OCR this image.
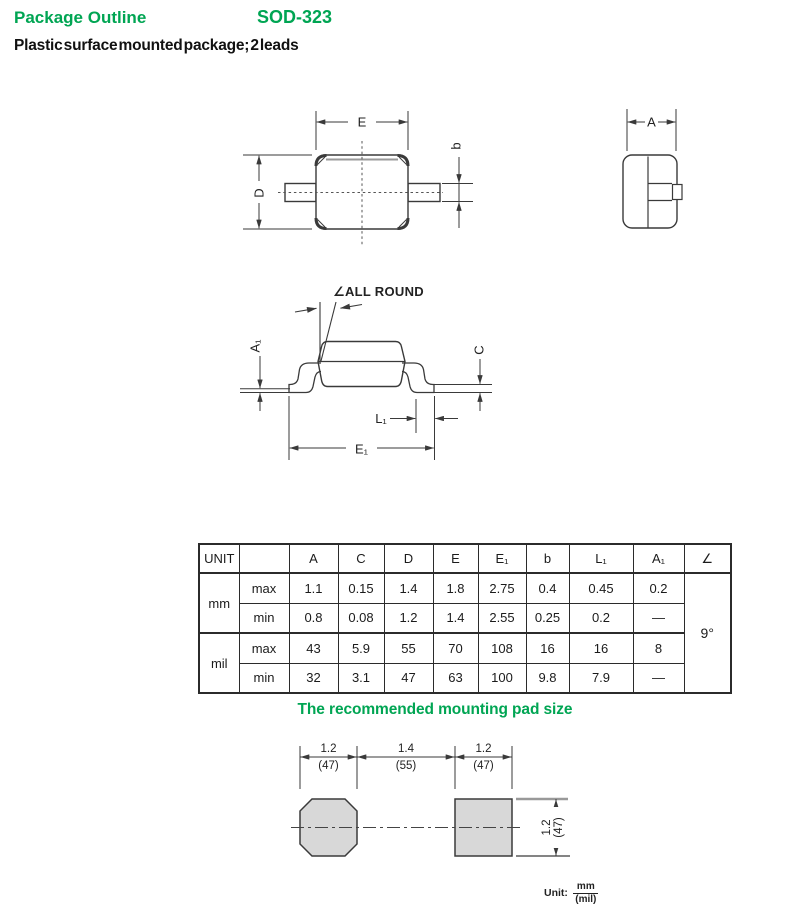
E
D
b
A
∠ALL ROUND
A₁	C
L₁
E₁
1.2
(47)
1.4
(55)
1.2
(47)
1.2 (47)
Package Outline	SOD-323
Plastic surface mounted package; 2 leads
UNIT		A	C	D	E	E₁	b	L₁	A₁	∠
mm	max	1.1	0.15	1.4	1.8	2.75	0.4	0.45	0.2	9°
	min	0.8	0.08	1.2	1.4	2.55	0.25	0.2	—	
mil	max	43	5.9	55	70	108	16	16	8	
	min	32	3.1	47	63	100	9.8	7.9	—	
The recommended mounting pad size
Unit: $\frac{mm}{\text{(mil)}}$
